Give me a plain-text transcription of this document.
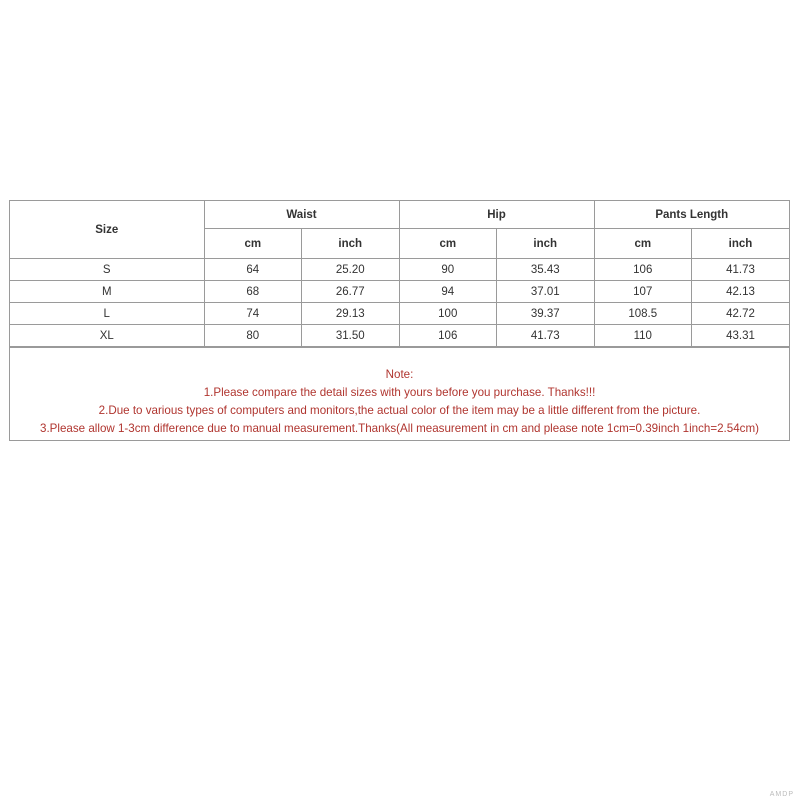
Size	Waist		Hip		Pants Length	
	cm	inch	cm	inch	cm	inch
S	64	25.20	90	35.43	106	41.73
M	68	26.77	94	37.01	107	42.13
L	74	29.13	100	39.37	108.5	42.72
XL	80	31.50	106	41.73	110	43.31
Note:
1.Please compare the detail sizes with yours before you purchase. Thanks!!!
2.Due to various types of computers and monitors,the actual color of the item may be a little different from the picture.
3.Please allow 1-3cm difference due to manual measurement.Thanks(All measurement in cm and please note 1cm=0.39inch 1inch=2.54cm)
AMDP
